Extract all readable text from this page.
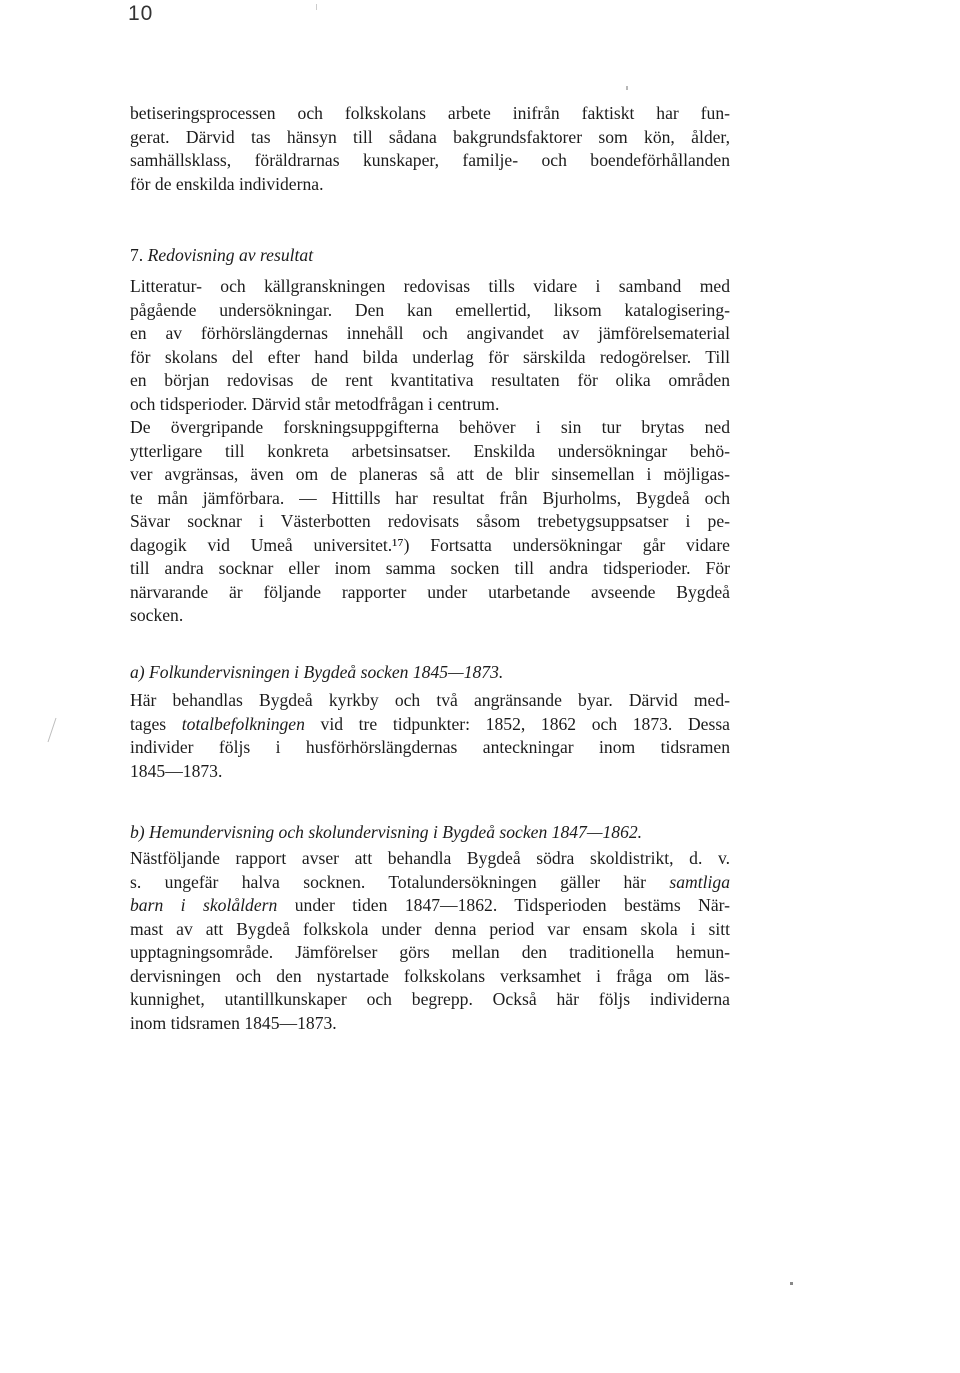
10
betiseringsprocessen och folkskolans arbete inifrån faktiskt har fun-
gerat. Därvid tas hänsyn till sådana bakgrundsfaktorer som kön, ålder,
samhällsklass, föräldrarnas kunskaper, familje- och boendeförhållanden
för de enskilda individerna.
7. Redovisning av resultat
Litteratur- och källgranskningen redovisas tills vidare i samband med
pågående undersökningar. Den kan emellertid, liksom katalogisering-
en av förhörslängdernas innehåll och angivandet av jämförelsematerial
för skolans del efter hand bilda underlag för särskilda redogörelser. Till
en början redovisas de rent kvantitativa resultaten för olika områden
och tidsperioder. Därvid står metodfrågan i centrum.
De övergripande forskningsuppgifterna behöver i sin tur brytas ned
ytterligare till konkreta arbetsinsatser. Enskilda undersökningar behö-
ver avgränsas, även om de planeras så att de blir sinsemellan i möjligas-
te mån jämförbara. — Hittills har resultat från Bjurholms, Bygdeå och
Sävar socknar i Västerbotten redovisats såsom trebetygsuppsatser i pe-
dagogik vid Umeå universitet.¹⁷) Fortsatta undersökningar går vidare
till andra socknar eller inom samma socken till andra tidsperioder. För
närvarande är följande rapporter under utarbetande avseende Bygdeå
socken.
a) Folkundervisningen i Bygdeå socken 1845—1873.
Här behandlas Bygdeå kyrkby och två angränsande byar. Därvid med-
tages totalbefolkningen vid tre tidpunkter: 1852, 1862 och 1873. Dessa
individer följs i husförhörslängdernas anteckningar inom tidsramen
1845—1873.
b) Hemundervisning och skolundervisning i Bygdeå socken 1847—1862.
Nästföljande rapport avser att behandla Bygdeå södra skoldistrikt, d. v.
s. ungefär halva socknen. Totalundersökningen gäller här samtliga
barn i skolåldern under tiden 1847—1862. Tidsperioden bestäms När-
mast av att Bygdeå folkskola under denna period var ensam skola i sitt
upptagningsområde. Jämförelser görs mellan den traditionella hemun-
dervisningen och den nystartade folkskolans verksamhet i fråga om läs-
kunnighet, utantillkunskaper och begrepp. Också här följs individerna
inom tidsramen 1845—1873.
